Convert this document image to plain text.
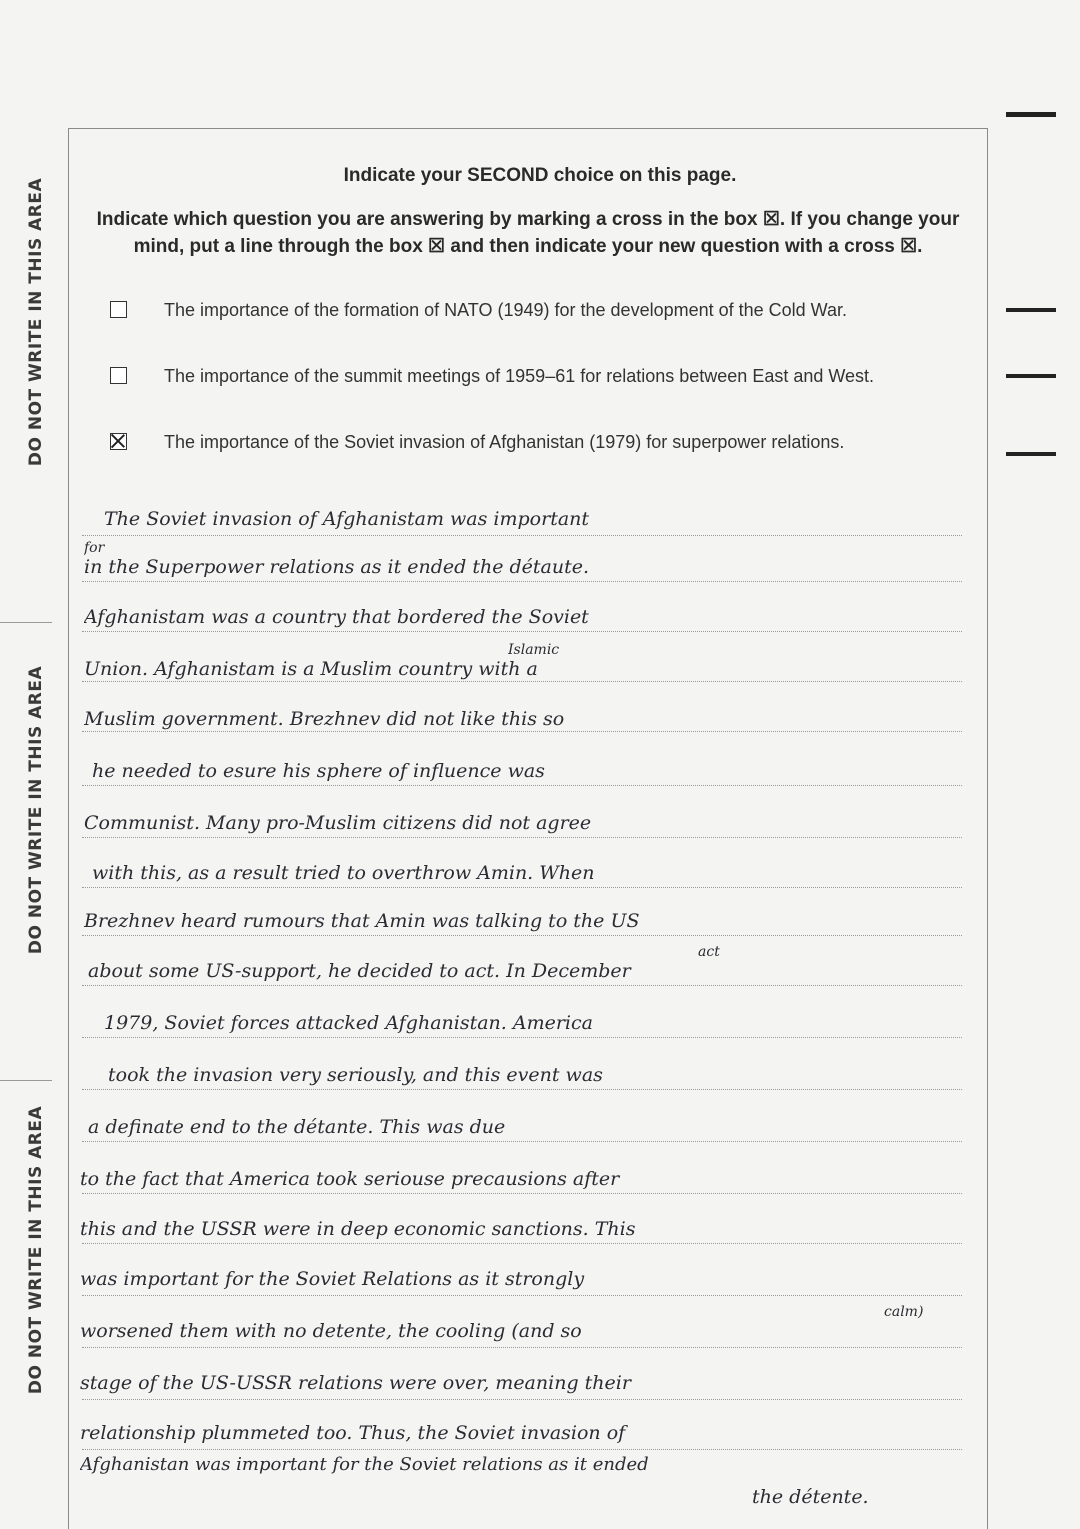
DO NOT WRITE IN THIS AREA
DO NOT WRITE IN THIS AREA
DO NOT WRITE IN THIS AREA
Indicate your SECOND choice on this page.
Indicate which question you are answering by marking a cross in the box ☒. If you change your
mind, put a line through the box ☒ and then indicate your new question with a cross ☒.
The importance of the formation of NATO (1949) for the development of the Cold War.
The importance of the summit meetings of 1959–61 for relations between East and West.
The importance of the Soviet invasion of Afghanistan (1979) for superpower relations.
The Soviet invasion of Afghanistam was important
for
in the Superpower relations as it ended the détaute.
Afghanistam was a country that bordered the Soviet
Islamic
Union. Afghanistam is a Muslim country with a
Muslim government. Brezhnev did not like this so
he needed to esure his sphere of influence was
Communist. Many pro-Muslim citizens did not agree
with this, as a result tried to overthrow Amin. When
Brezhnev heard rumours that Amin was talking to the US
act
about some US-support, he decided to act. In December
1979, Soviet forces attacked Afghanistan. America
took the invasion very seriously, and this event was
a definate end to the détante. This was due
to the fact that America took seriouse precausions after
this and the USSR were in deep economic sanctions. This
was important for the Soviet Relations as it strongly
calm)
worsened them with no detente, the cooling (and so
stage of the US-USSR relations were over, meaning their
relationship plummeted too. Thus, the Soviet invasion of
Afghanistan was important for the Soviet relations as it ended
the détente.
